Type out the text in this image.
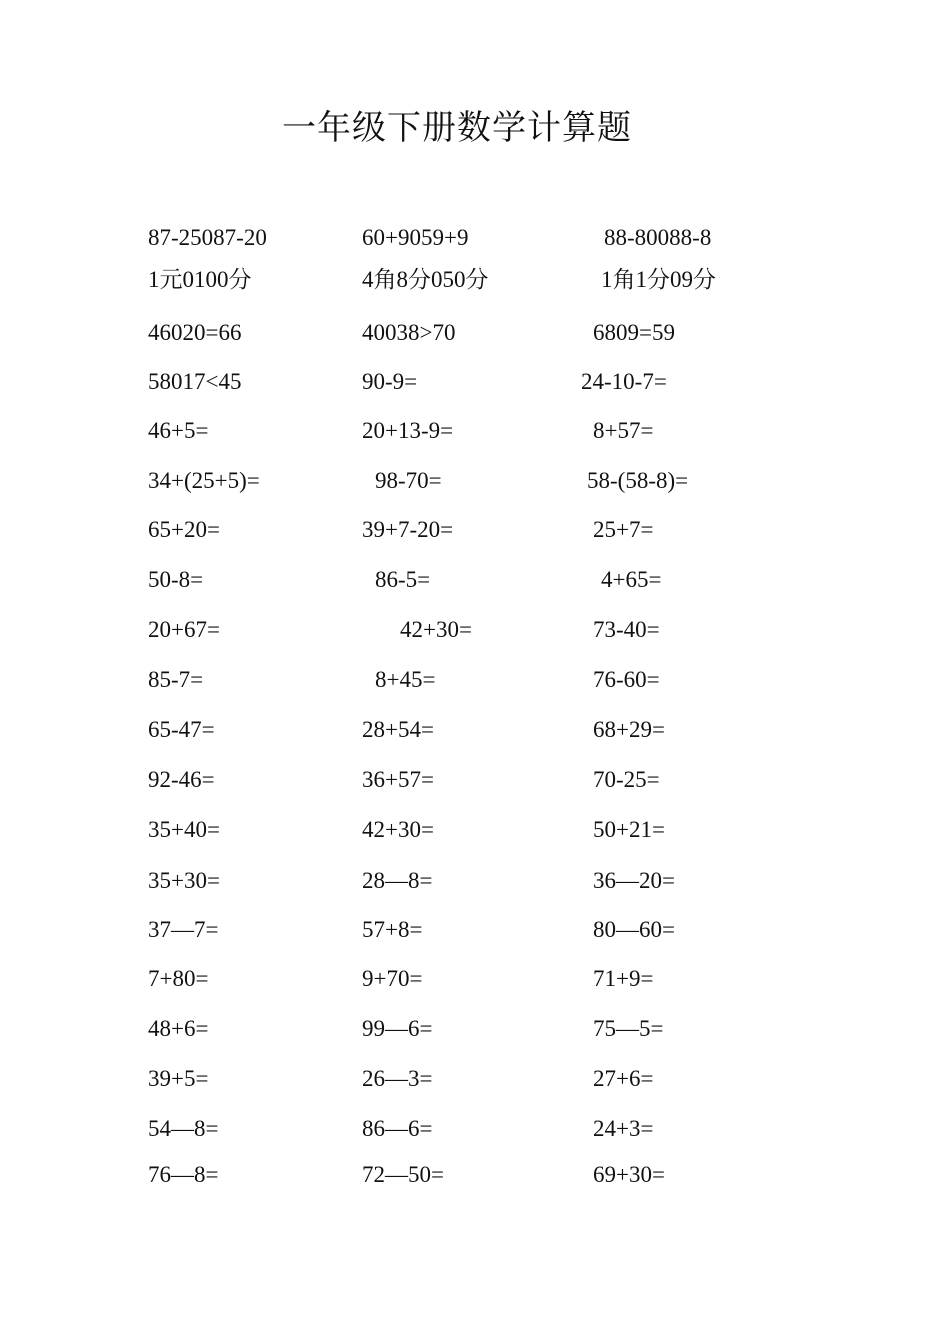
一年级下册数学计算题
87-25087-20	60+9059+9	88-80088-8
1元0100分	4角8分050分	1角1分09分
46020=66	40038>70	6809=59
58017<45	90-9=	24-10-7=
46+5=	20+13-9=	8+57=
34+(25+5)=	98-70=	58-(58-8)=
65+20=	39+7-20=	25+7=
50-8=	86-5=	4+65=
20+67=	42+30=	73-40=
85-7=	8+45=	76-60=
65-47=	28+54=	68+29=
92-46=	36+57=	70-25=
35+40=	42+30=	50+21=
35+30=	28—8=	36—20=
37—7=	57+8=	80—60=
7+80=	9+70=	71+9=
48+6=	99—6=	75—5=
39+5=	26—3=	27+6=
54—8=	86—6=	24+3=
76—8=	72—50=	69+30=
